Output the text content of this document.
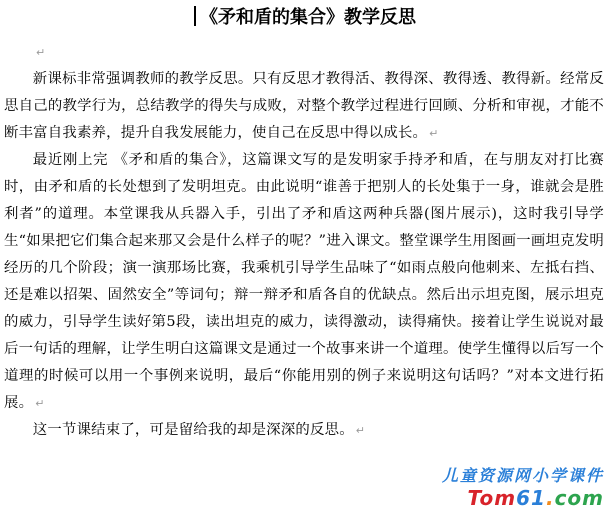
《矛和盾的集合》教学反思
↵

新课标非常强调教师的教学反思。只有反思才教得活、教得深、教得透、教得新。经常反思自己的教学行为，总结教学的得失与成败，对整个教学过程进行回顾、分析和审视，才能不断丰富自我素养，提升自我发展能力，使自己在反思中得以成长。 ↵

最近刚上完 《矛和盾的集合》，这篇课文写的是发明家手持矛和盾，在与朋友对打比赛时，由矛和盾的长处想到了发明坦克。由此说明“谁善于把别人的长处集于一身，谁就会是胜利者”的道理。本堂课我从兵器入手，引出了矛和盾这两种兵器(图片展示)，这时我引导学生“如果把它们集合起来那又会是什么样子的呢？”进入课文。整堂课学生用图画一画坦克发明经历的几个阶段；演一演那场比赛，我乘机引导学生品味了“如雨点般向他刺来、左抵右挡、还是难以招架、固然安全”等词句；辩一辩矛和盾各自的优缺点。然后出示坦克图，展示坦克的威力，引导学生读好第5段，读出坦克的威力，读得激动，读得痛快。接着让学生说说对最后一句话的理解，让学生明白这篇课文是通过一个故事来讲一个道理。使学生懂得以后写一个道理的时候可以用一个事例来说明，最后“你能用别的例子来说明这句话吗？”对本文进行拓展。 ↵

这一节课结束了，可是留给我的却是深深的反思。 ↵

儿童资源网小学课件
Tom61.com
